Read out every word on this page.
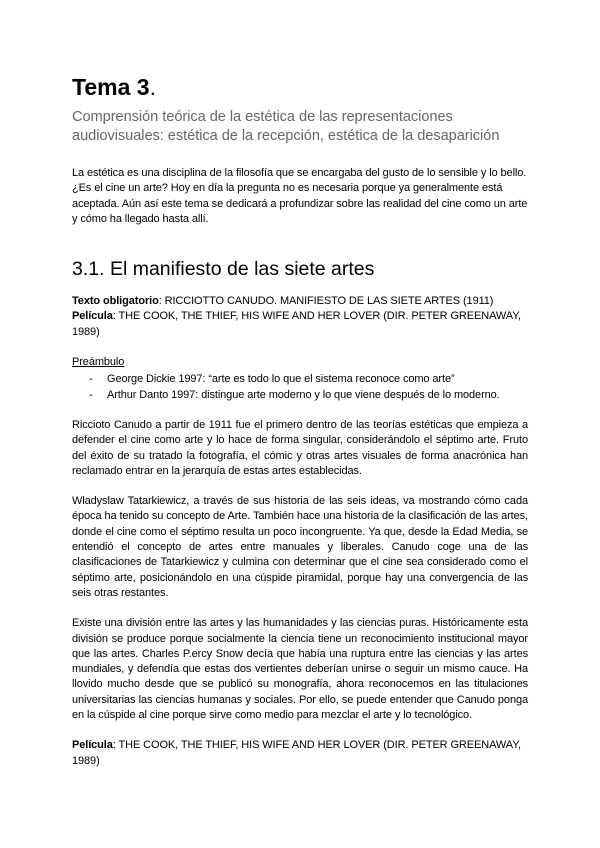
Tema 3.

Comprensión teórica de la estética de las representaciones audiovisuales: estética de la recepción, estética de la desaparición

La estética es una disciplina de la filosofía que se encargaba del gusto de lo sensible y lo bello.

¿Es el cine un arte? Hoy en día la pregunta no es necesaria porque ya generalmente está aceptada. Aún así este tema se dedicará a profundizar sobre las realidad del cine como un arte y cómo ha llegado hasta allí.

3.1. El manifiesto de las siete artes

Texto obligatorio: RICCIOTTO CANUDO. MANIFIESTO DE LAS SIETE ARTES (1911)

Película: THE COOK, THE THIEF, HIS WIFE AND HER LOVER (DIR. PETER GREENAWAY, 1989)

Preámbulo

- George Dickie 1997: “arte es todo lo que el sistema reconoce como arte”
- Arthur Danto 1997: distingue arte moderno y lo que viene después de lo moderno.

Riccioto Canudo a partir de 1911 fue el primero dentro de las teorías estéticas que empieza a defender el cine como arte y lo hace de forma singular, considerándolo el séptimo arte. Fruto del éxito de su tratado la fotografía, el cómic y otras artes visuales de forma anacrónica han reclamado entrar en la jerarquía de estas artes establecidas.

Wladyslaw Tatarkiewicz, a través de sus historia de las seis ideas, va mostrando cómo cada época ha tenido su concepto de Arte. También hace una historia de la clasificación de las artes, donde el cine como el séptimo resulta un poco incongruente. Ya que, desde la Edad Media, se entendió el concepto de artes entre manuales y liberales. Canudo coge una de las clasificaciones de Tatarkiewicz y culmina con determinar que el cine sea considerado como el séptimo arte, posicionándolo en una cúspide piramidal, porque hay una convergencia de las seis otras restantes.

Existe una división entre las artes y las humanidades y las ciencias puras. Históricamente esta división se produce porque socialmente la ciencia tiene un reconocimiento institucional mayor que las artes. Charles P.ercy Snow decía que había una ruptura entre las ciencias y las artes mundiales, y defendía que estas dos vertientes deberían unirse o seguir un mismo cauce. Ha llovido mucho desde que se publicó su monografía, ahora reconocemos en las titulaciones universitarias las ciencias humanas y sociales. Por ello, se puede entender que Canudo ponga en la cúspide al cine porque sirve como medio para mezclar el arte y lo tecnológico.

Película: THE COOK, THE THIEF, HIS WIFE AND HER LOVER (DIR. PETER GREENAWAY, 1989)
